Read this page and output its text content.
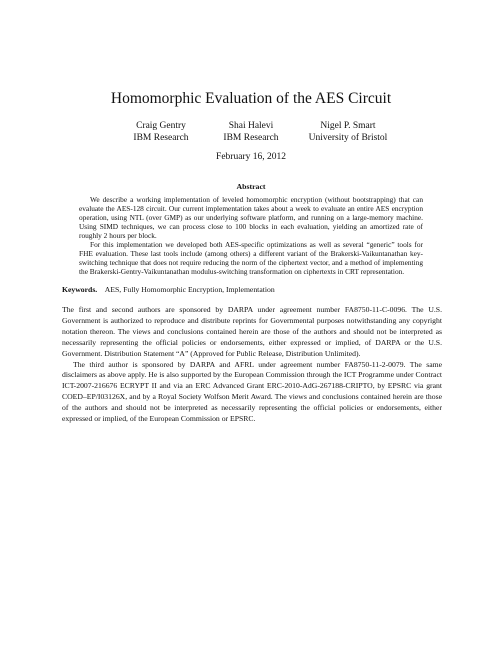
Homomorphic Evaluation of the AES Circuit
Craig Gentry
IBM Research
Shai Halevi
IBM Research
Nigel P. Smart
University of Bristol
February 16, 2012
Abstract

We describe a working implementation of leveled homomorphic encryption (without bootstrapping) that can evaluate the AES-128 circuit. Our current implementation takes about a week to evaluate an entire AES encryption operation, using NTL (over GMP) as our underlying software platform, and running on a large-memory machine. Using SIMD techniques, we can process close to 100 blocks in each evaluation, yielding an amortized rate of roughly 2 hours per block.

For this implementation we developed both AES-specific optimizations as well as several “generic” tools for FHE evaluation. These last tools include (among others) a different variant of the Brakerski-Vaikuntanathan key-switching technique that does not require reducing the norm of the ciphertext vector, and a method of implementing the Brakerski-Gentry-Vaikuntanathan modulus-switching transformation on ciphertexts in CRT representation.

Keywords. AES, Fully Homomorphic Encryption, Implementation

The first and second authors are sponsored by DARPA under agreement number FA8750-11-C-0096. The U.S. Government is authorized to reproduce and distribute reprints for Governmental purposes notwithstanding any copyright notation thereon. The views and conclusions contained herein are those of the authors and should not be interpreted as necessarily representing the official policies or endorsements, either expressed or implied, of DARPA or the U.S. Government. Distribution Statement “A” (Approved for Public Release, Distribution Unlimited).

The third author is sponsored by DARPA and AFRL under agreement number FA8750-11-2-0079. The same disclaimers as above apply. He is also supported by the European Commission through the ICT Programme under Contract ICT-2007-216676 ECRYPT II and via an ERC Advanced Grant ERC-2010-AdG-267188-CRIPTO, by EPSRC via grant COED–EP/I03126X, and by a Royal Society Wolfson Merit Award. The views and conclusions contained herein are those of the authors and should not be interpreted as necessarily representing the official policies or endorsements, either expressed or implied, of the European Commission or EPSRC.
